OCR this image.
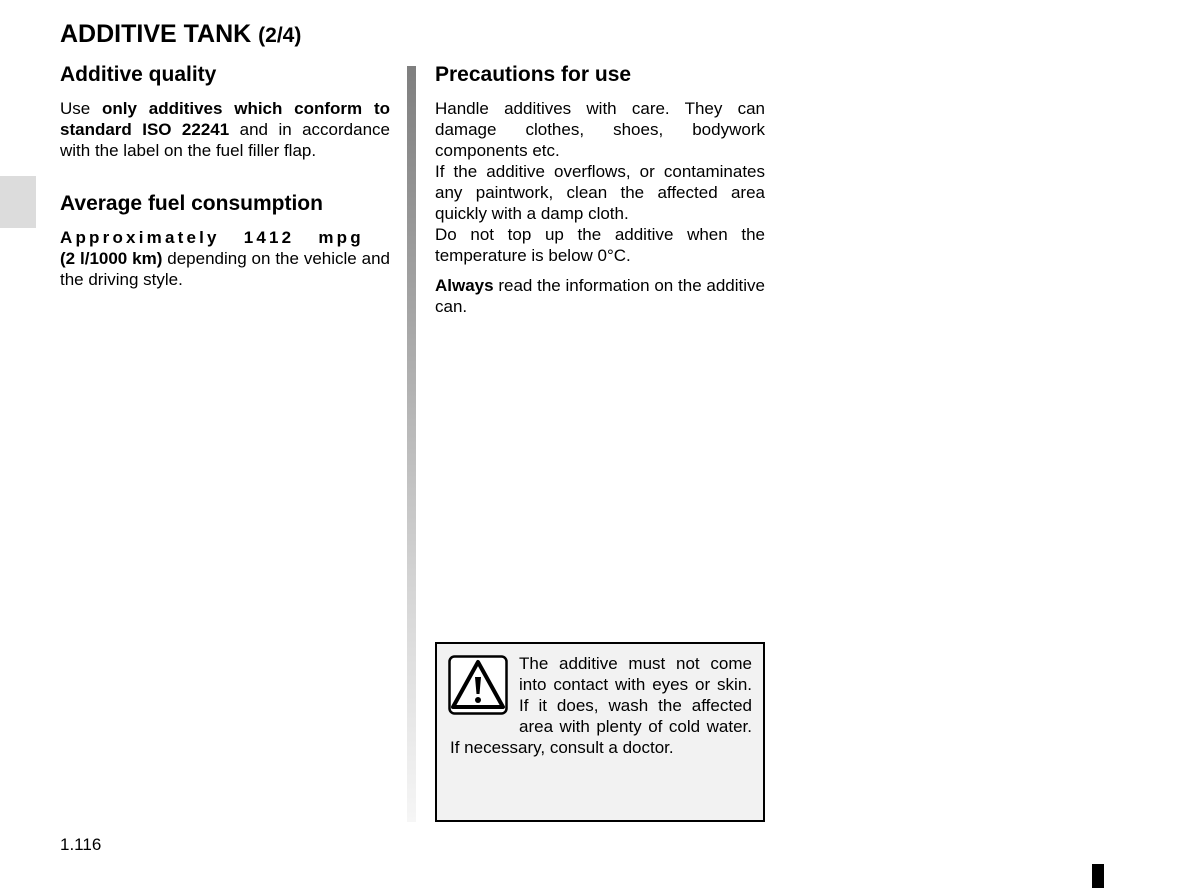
ADDITIVE TANK (2/4)
Additive quality

Use only additives which conform to standard ISO 22241 and in accordance with the label on the fuel filler flap.

Average fuel consumption

Approximately 1412 mpg
(2 l/1000 km) depending on the vehicle and the driving style.

Precautions for use

Handle additives with care. They can damage clothes, shoes, bodywork components etc.

If the additive overflows, or contaminates any paintwork, clean the affected area quickly with a damp cloth.

Do not top up the additive when the temperature is below 0°C.

Always read the information on the additive can.

The additive must not come into contact with eyes or skin. If it does, wash the affected area with plenty of cold water. If necessary, consult a doctor.
1.116
